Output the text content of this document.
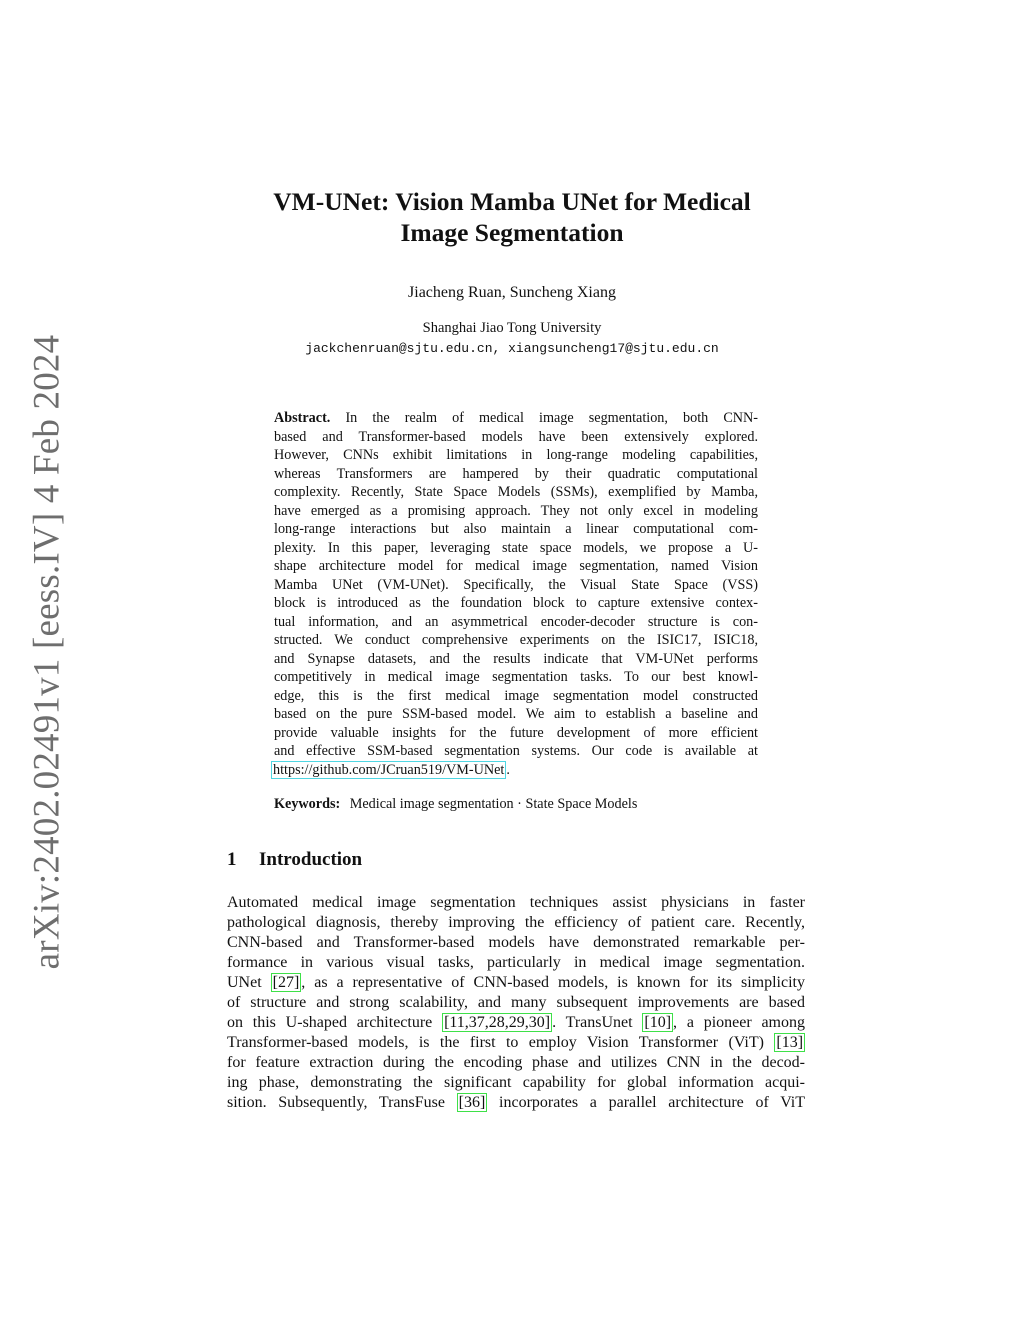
arXiv:2402.02491v1 [eess.IV] 4 Feb 2024
VM-UNet: Vision Mamba UNet for Medical
Image Segmentation
Jiacheng Ruan, Suncheng Xiang
Shanghai Jiao Tong University
jackchenruan@sjtu.edu.cn, xiangsuncheng17@sjtu.edu.cn
Abstract. In the realm of medical image segmentation, both CNN-
based and Transformer-based models have been extensively explored.
However, CNNs exhibit limitations in long-range modeling capabilities,
whereas Transformers are hampered by their quadratic computational
complexity. Recently, State Space Models (SSMs), exemplified by Mamba,
have emerged as a promising approach. They not only excel in modeling
long-range interactions but also maintain a linear computational com-
plexity. In this paper, leveraging state space models, we propose a U-
shape architecture model for medical image segmentation, named Vision
Mamba UNet (VM-UNet). Specifically, the Visual State Space (VSS)
block is introduced as the foundation block to capture extensive contex-
tual information, and an asymmetrical encoder-decoder structure is con-
structed. We conduct comprehensive experiments on the ISIC17, ISIC18,
and Synapse datasets, and the results indicate that VM-UNet performs
competitively in medical image segmentation tasks. To our best knowl-
edge, this is the first medical image segmentation model constructed
based on the pure SSM-based model. We aim to establish a baseline and
provide valuable insights for the future development of more efficient
and effective SSM-based segmentation systems. Our code is available at
https://github.com/JCruan519/VM-UNet .
Keywords: Medical image segmentation · State Space Models
1 Introduction
Automated medical image segmentation techniques assist physicians in faster
pathological diagnosis, thereby improving the efficiency of patient care. Recently,
CNN-based and Transformer-based models have demonstrated remarkable per-
formance in various visual tasks, particularly in medical image segmentation.
UNet [27] , as a representative of CNN-based models, is known for its simplicity
of structure and strong scalability, and many subsequent improvements are based
on this U-shaped architecture [11,37,28,29,30] . TransUnet [10] , a pioneer among
Transformer-based models, is the first to employ Vision Transformer (ViT) [13]
for feature extraction during the encoding phase and utilizes CNN in the decod-
ing phase, demonstrating the significant capability for global information acqui-
sition. Subsequently, TransFuse [36] incorporates a parallel architecture of ViT
